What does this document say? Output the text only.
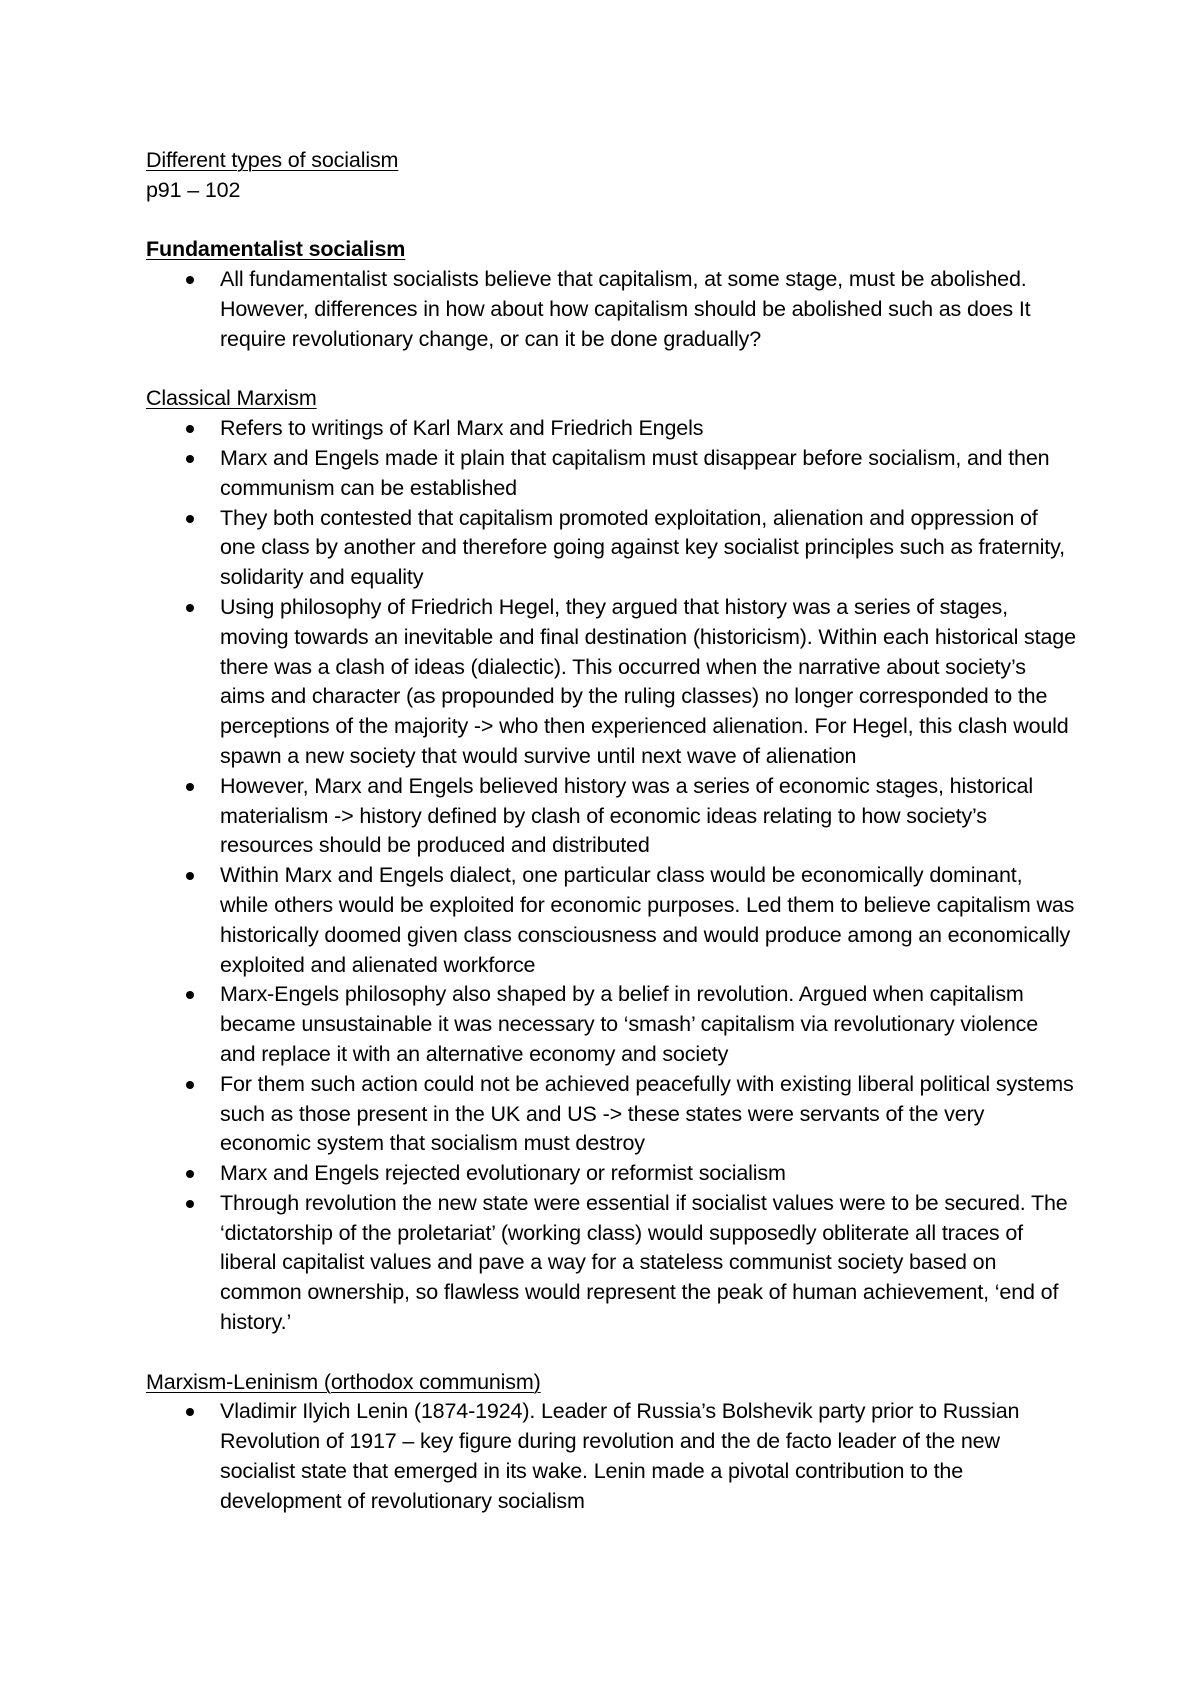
Different types of socialism

p91 – 102

Fundamentalist socialism

All fundamentalist socialists believe that capitalism, at some stage, must be abolished. However, differences in how about how capitalism should be abolished such as does It require revolutionary change, or can it be done gradually?

Classical Marxism

Refers to writings of Karl Marx and Friedrich Engels
Marx and Engels made it plain that capitalism must disappear before socialism, and then communism can be established
They both contested that capitalism promoted exploitation, alienation and oppression of one class by another and therefore going against key socialist principles such as fraternity, solidarity and equality
Using philosophy of Friedrich Hegel, they argued that history was a series of stages, moving towards an inevitable and final destination (historicism). Within each historical stage there was a clash of ideas (dialectic). This occurred when the narrative about society’s aims and character (as propounded by the ruling classes) no longer corresponded to the perceptions of the majority -> who then experienced alienation. For Hegel, this clash would spawn a new society that would survive until next wave of alienation
However, Marx and Engels believed history was a series of economic stages, historical materialism -> history defined by clash of economic ideas relating to how society’s resources should be produced and distributed
Within Marx and Engels dialect, one particular class would be economically dominant, while others would be exploited for economic purposes. Led them to believe capitalism was historically doomed given class consciousness and would produce among an economically exploited and alienated workforce
Marx-Engels philosophy also shaped by a belief in revolution. Argued when capitalism became unsustainable it was necessary to ‘smash’ capitalism via revolutionary violence and replace it with an alternative economy and society
For them such action could not be achieved peacefully with existing liberal political systems such as those present in the UK and US -> these states were servants of the very economic system that socialism must destroy
Marx and Engels rejected evolutionary or reformist socialism
Through revolution the new state were essential if socialist values were to be secured. The ‘dictatorship of the proletariat’ (working class) would supposedly obliterate all traces of liberal capitalist values and pave a way for a stateless communist society based on common ownership, so flawless would represent the peak of human achievement, ‘end of history.’

Marxism-Leninism (orthodox communism)

Vladimir Ilyich Lenin (1874-1924). Leader of Russia’s Bolshevik party prior to Russian Revolution of 1917 – key figure during revolution and the de facto leader of the new socialist state that emerged in its wake. Lenin made a pivotal contribution to the development of revolutionary socialism
